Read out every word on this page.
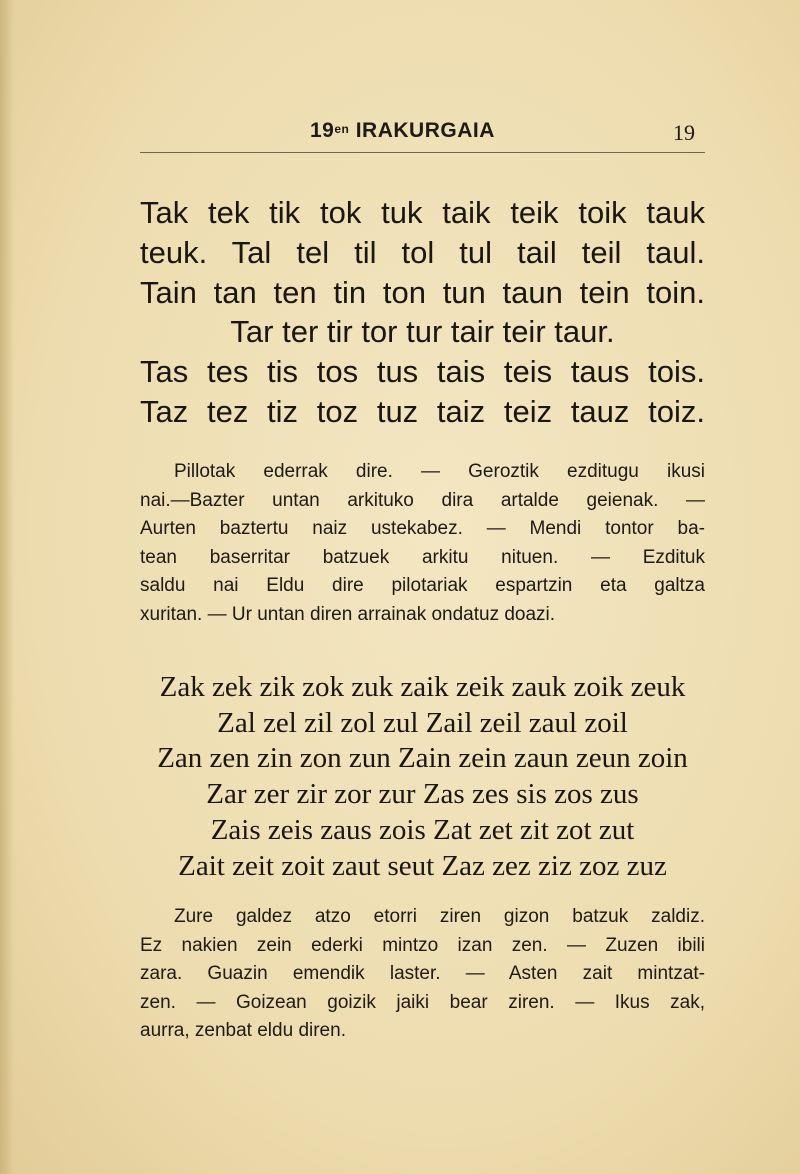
$19^{en}$ IRAKURGAIA	19
Tak tek tik tok tuk taik teik toik tauk
teuk. Tal tel til tol tul tail teil taul.
Tain tan ten tin ton tun taun tein toin.
Tar ter tir tor tur tair teir taur.
Tas tes tis tos tus tais teis taus tois.
Taz tez tiz toz tuz taiz teiz tauz toiz.
Pillotak ederrak dire. — Geroztik ezditugu ikusi
nai.—Bazter untan arkituko dira artalde geienak. —
Aurten baztertu naiz ustekabez. — Mendi tontor ba-
tean baserritar batzuek arkitu nituen. — Ezdituk
saldu nai Eldu dire pilotariak espartzin eta galtza
xuritan. — Ur untan diren arrainak ondatuz doazi.
Zak zek zik zok zuk zaik zeik zauk zoik zeuk
Zal zel zil zol zul Zail zeil zaul zoil
Zan zen zin zon zun Zain zein zaun zeun zoin
Zar zer zir zor zur Zas zes sis zos zus
Zais zeis zaus zois Zat zet zit zot zut
Zait zeit zoit zaut seut Zaz zez ziz zoz zuz
Zure galdez atzo etorri ziren gizon batzuk zaldiz.
Ez nakien zein ederki mintzo izan zen. — Zuzen ibili
zara. Guazin emendik laster. — Asten zait mintzat-
zen. — Goizean goizik jaiki bear ziren. — Ikus zak,
aurra, zenbat eldu diren.
